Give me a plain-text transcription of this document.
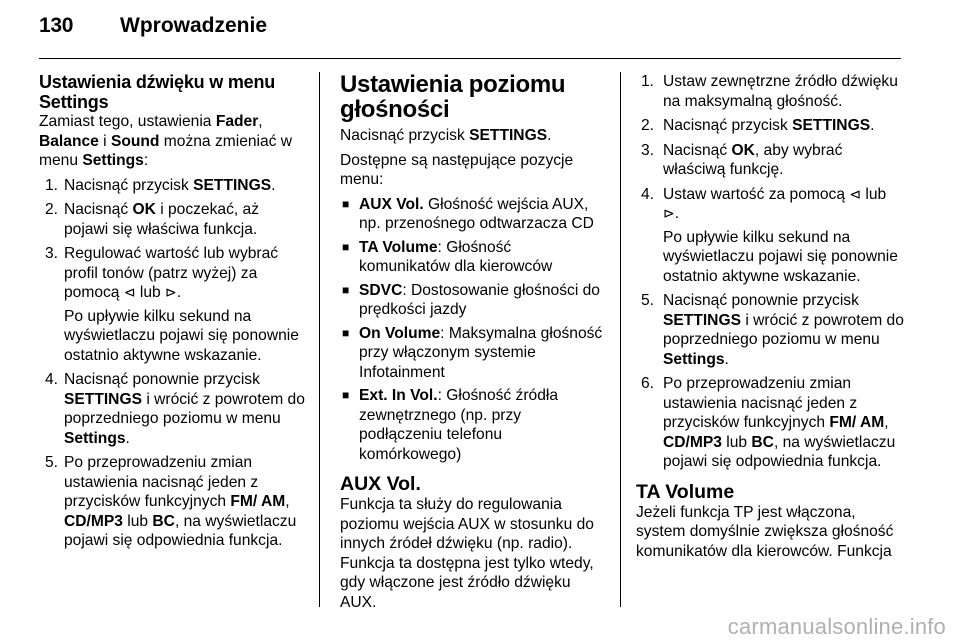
130 Wprowadzenie
Ustawienia dźwięku w menu Settings

Zamiast tego, ustawienia Fader, Balance i Sound można zmieniać w menu Settings:

1. Nacisnąć przycisk SETTINGS.
2. Nacisnąć OK i poczekać, aż pojawi się właściwa funkcja.
3. Regulować wartość lub wybrać profil tonów (patrz wyżej) za pomocą ⊲ lub ⊳.

Po upływie kilku sekund na wyświetlaczu pojawi się ponownie ostatnio aktywne wskazanie.

4. Nacisnąć ponownie przycisk SETTINGS i wrócić z powrotem do poprzedniego poziomu w menu Settings.
5. Po przeprowadzeniu zmian ustawienia nacisnąć jeden z przycisków funkcyjnych FM/ AM, CD/MP3 lub BC, na wyświetlaczu pojawi się odpowiednia funkcja.
Ustawienia poziomu głośności

Nacisnąć przycisk SETTINGS.

Dostępne są następujące pozycje menu:

■ AUX Vol. Głośność wejścia AUX, np. przenośnego odtwarzacza CD
■ TA Volume: Głośność komunikatów dla kierowców
■ SDVC: Dostosowanie głośności do prędkości jazdy
■ On Volume: Maksymalna głośność przy włączonym systemie Infotainment
■ Ext. In Vol.: Głośność źródła zewnętrznego (np. przy podłączeniu telefonu komórkowego)
AUX Vol.

Funkcja ta służy do regulowania poziomu wejścia AUX w stosunku do innych źródeł dźwięku (np. radio). Funkcja ta dostępna jest tylko wtedy, gdy włączone jest źródło dźwięku AUX.

1. Ustaw zewnętrzne źródło dźwięku na maksymalną głośność.
2. Nacisnąć przycisk SETTINGS.
3. Nacisnąć OK, aby wybrać właściwą funkcję.
4. Ustaw wartość za pomocą ⊲ lub ⊳.

Po upływie kilku sekund na wyświetlaczu pojawi się ponownie ostatnio aktywne wskazanie.

5. Nacisnąć ponownie przycisk SETTINGS i wrócić z powrotem do poprzedniego poziomu w menu Settings.
6. Po przeprowadzeniu zmian ustawienia nacisnąć jeden z przycisków funkcyjnych FM/ AM, CD/MP3 lub BC, na wyświetlaczu pojawi się odpowiednia funkcja.
TA Volume

Jeżeli funkcja TP jest włączona, system domyślnie zwiększa głośność komunikatów dla kierowców. Funkcja

carmanualsonline.info
